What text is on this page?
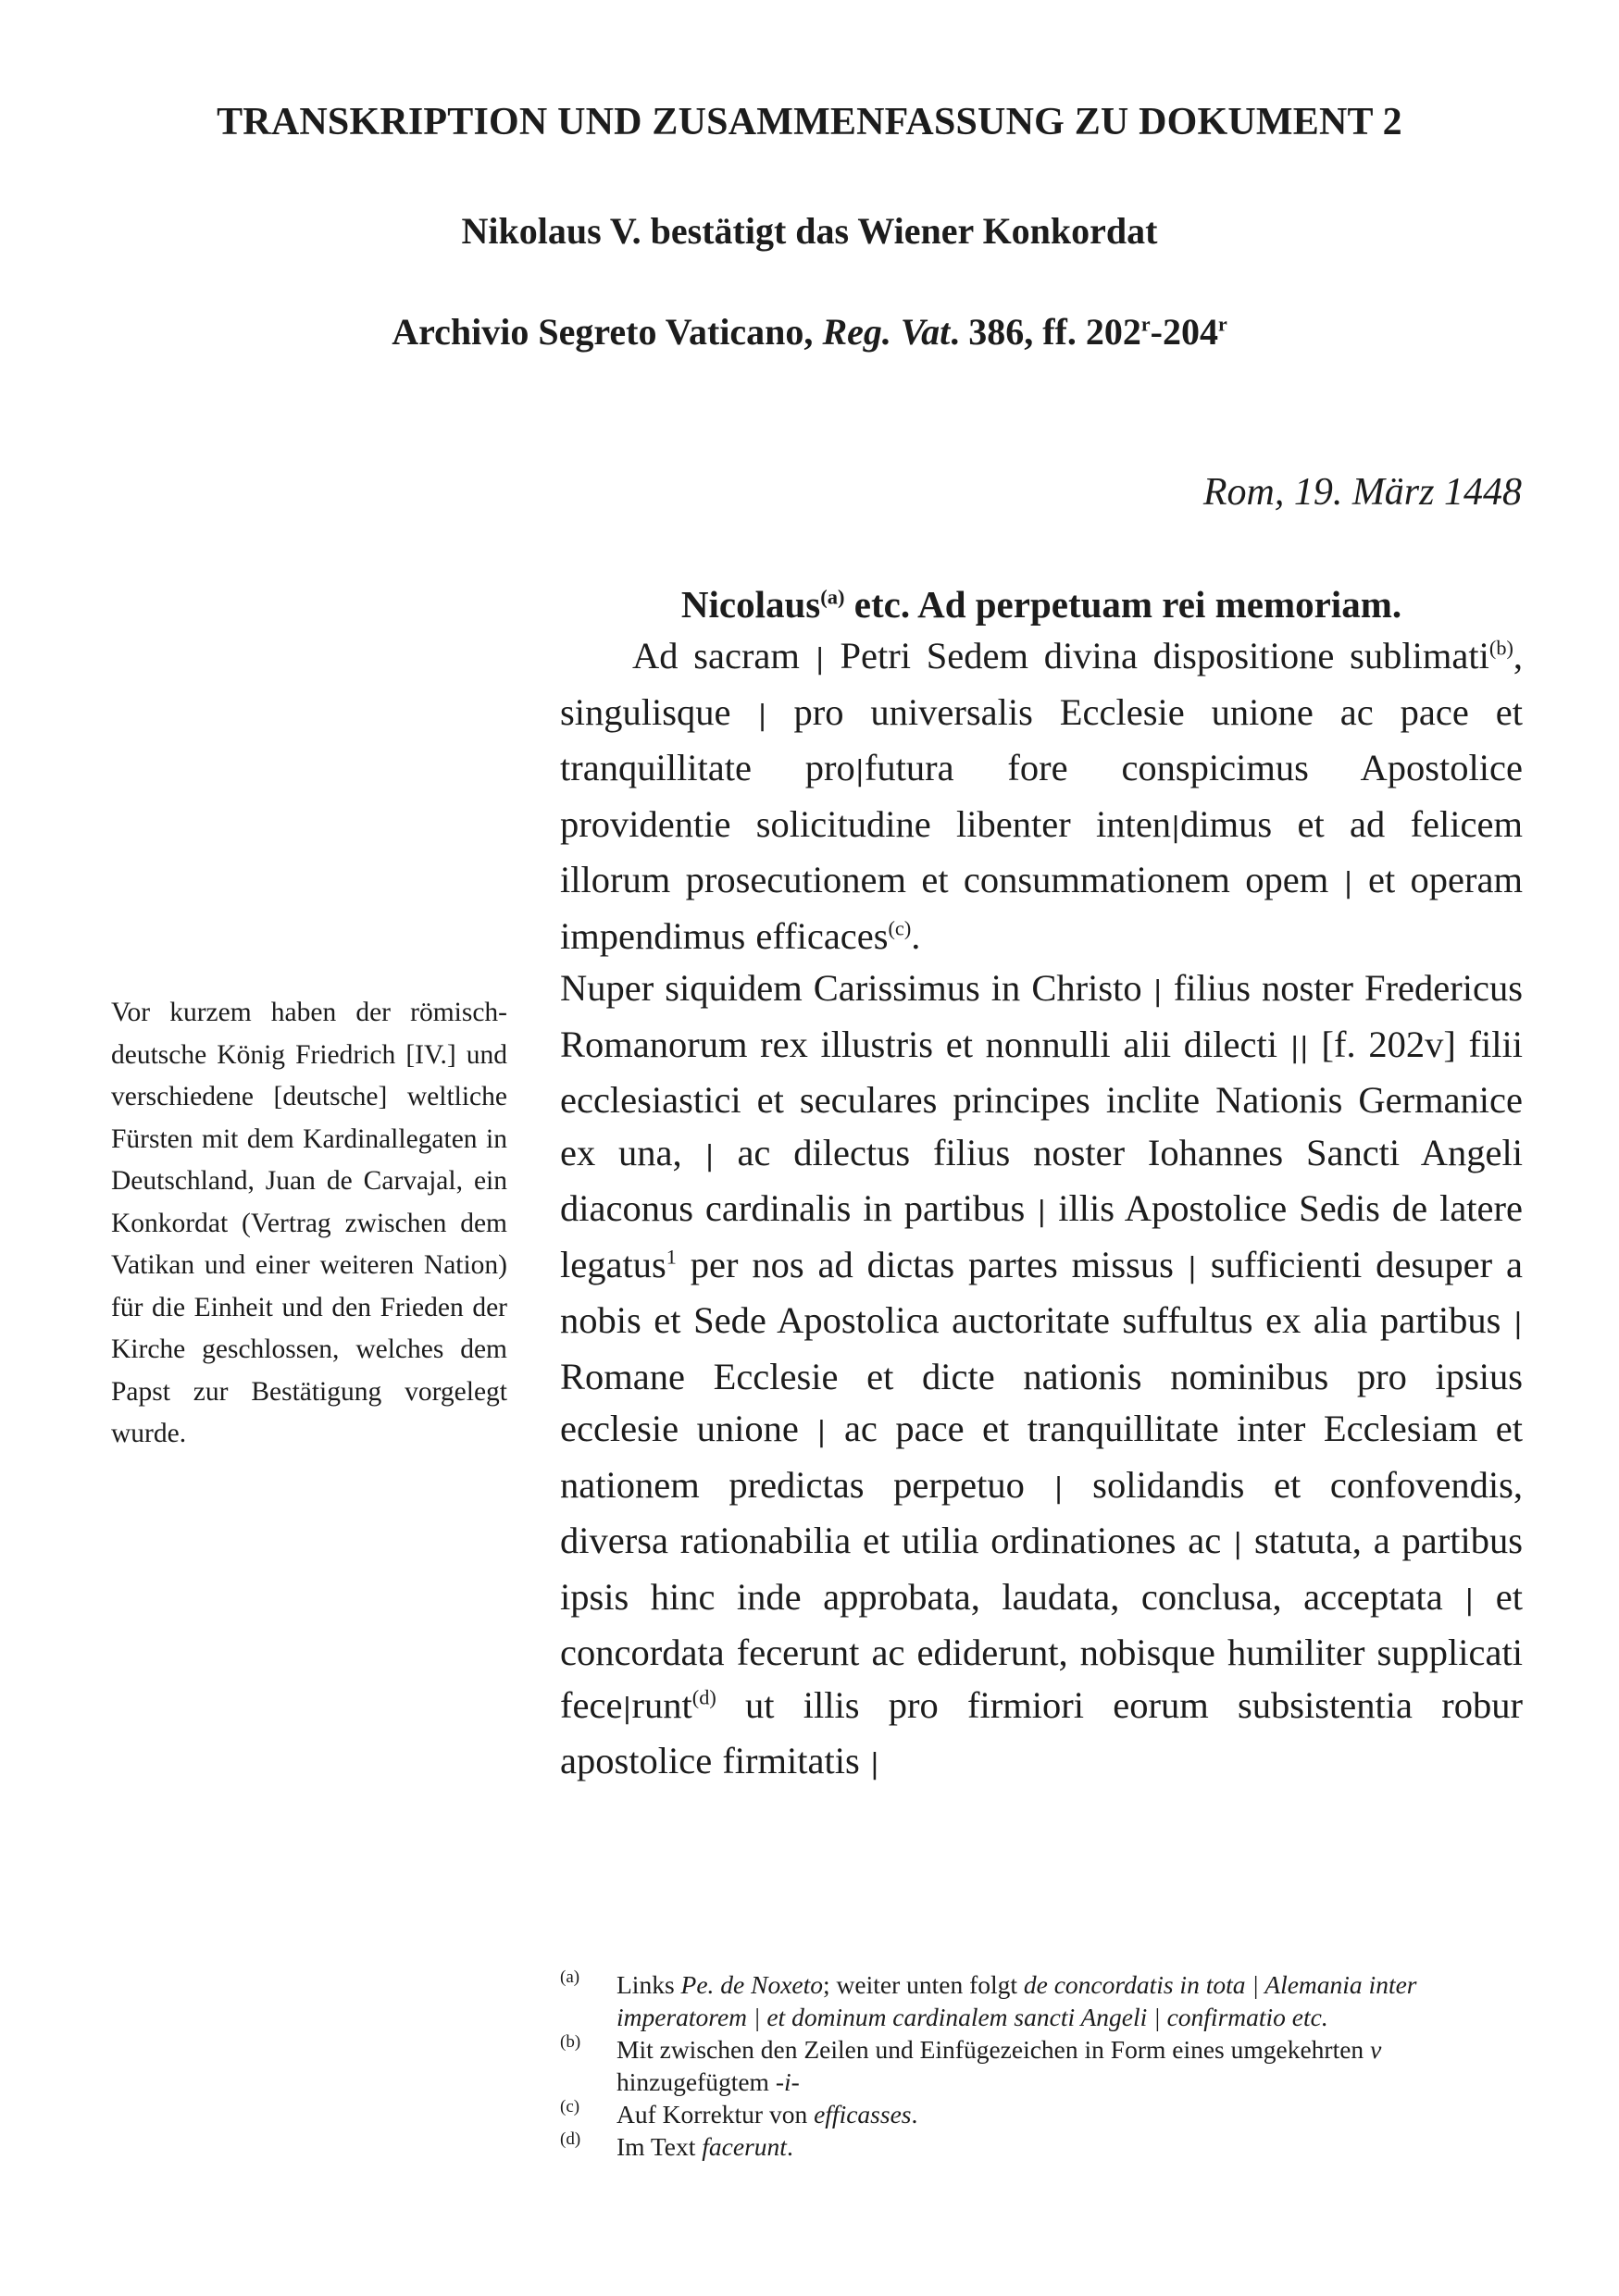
TRANSKRIPTION UND ZUSAMMENFASSUNG ZU DOKUMENT 2
Nikolaus V. bestätigt das Wiener Konkordat
Archivio Segreto Vaticano, Reg. Vat. 386, ff. 202$^r$-204$^r$
Rom, 19. März 1448
Vor kurzem haben der römisch-deutsche König Friedrich [IV.] und verschiedene [deutsche] weltliche Fürsten mit dem Kardinallegaten in Deutschland, Juan de Carvajal, ein Konkordat (Vertrag zwischen dem Vatikan und einer weiteren Nation) für die Einheit und den Frieden der Kirche geschlossen, welches dem Papst zur Bestätigung vorgelegt wurde.

Nicolaus$^{(a)}$ etc. Ad perpetuam rei memoriam.

Ad sacram | Petri Sedem divina dispositione sublimati$^{(b)}$, singulisque | pro universalis Ecclesie unione ac pace et tranquillitate pro|futura fore conspicimus Apostolice providentie solicitudine libenter inten|dimus et ad felicem illorum prosecutionem et consummationem opem | et operam impendimus efficaces$^{(c)}$.

Nuper siquidem Carissimus in Christo | filius noster Fredericus Romanorum rex illustris et nonnulli alii dilecti || [f. 202v] filii ecclesiastici et seculares principes inclite Nationis Germanice ex una, | ac dilectus filius noster Iohannes Sancti Angeli diaconus cardinalis in partibus | illis Apostolice Sedis de latere legatus$^1$ per nos ad dictas partes missus | sufficienti desuper a nobis et Sede Apostolica auctoritate suffultus ex alia partibus | Romane Ecclesie et dicte nationis nominibus pro ipsius ecclesie unione | ac pace et tranquillitate inter Ecclesiam et nationem predictas perpetuo | solidandis et confovendis, diversa rationabilia et utilia ordinationes ac | statuta, a partibus ipsis hinc inde approbata, laudata, conclusa, acceptata | et concordata fecerunt ac ediderunt, nobisque humiliter supplicati fece|runt$^{(d)}$ ut illis pro firmiori eorum subsistentia robur apostolice firmitatis |

(a) Links Pe. de Noxeto; weiter unten folgt de concordatis in tota | Alemania inter imperatorem | et dominum cardinalem sancti Angeli | confirmatio etc.
(b) Mit zwischen den Zeilen und Einfügezeichen in Form eines umgekehrten v hinzugefügtem -i-
(c) Auf Korrektur von efficasses.
(d) Im Text facerunt.
